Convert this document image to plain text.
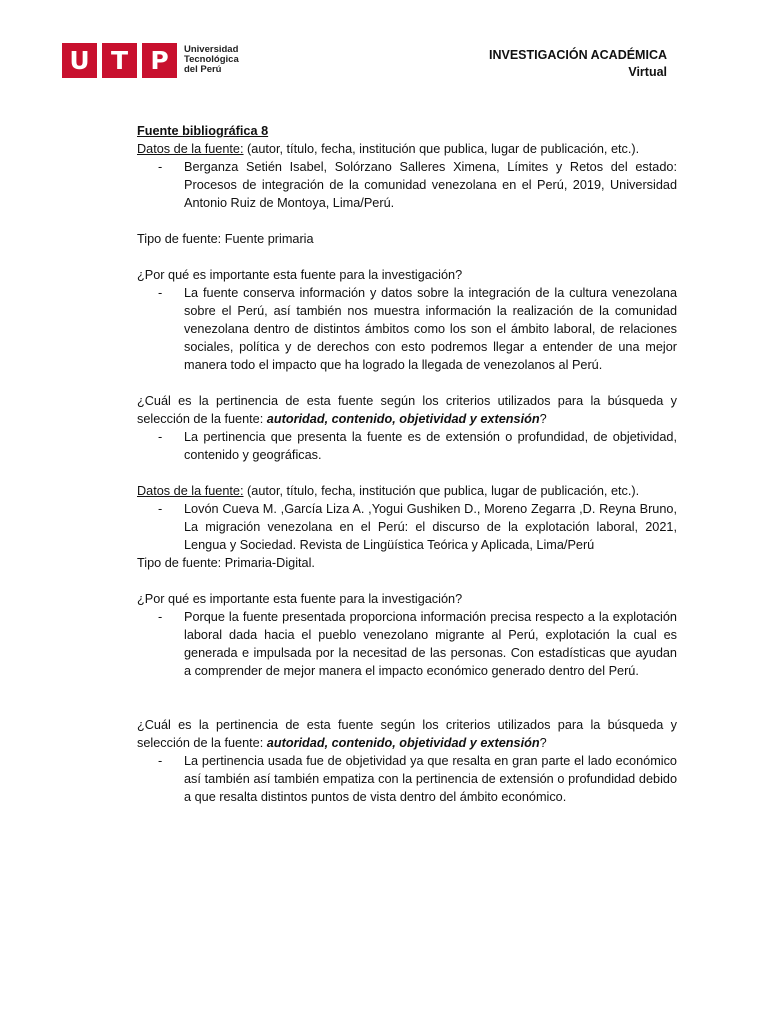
U T P	Universidad
Tecnológica
del Perú
INVESTIGACIÓN ACADÉMICA
Virtual

Fuente bibliográfica 8

Datos de la fuente: (autor, título, fecha, institución que publica, lugar de publicación, etc.).

-	Berganza Setién Isabel, Solórzano Salleres Ximena, Límites y Retos del estado: Procesos de integración de la comunidad venezolana en el Perú, 2019, Universidad Antonio Ruiz de Montoya, Lima/Perú.

Tipo de fuente: Fuente primaria

¿Por qué es importante esta fuente para la investigación?

-	La fuente conserva información y datos sobre la integración de la cultura venezolana sobre el Perú, así también nos muestra información la realización de la comunidad venezolana dentro de distintos ámbitos como los son el ámbito laboral, de relaciones sociales, política y de derechos con esto podremos llegar a entender de una mejor manera todo el impacto que ha logrado la llegada de venezolanos al Perú.

¿Cuál es la pertinencia de esta fuente según los criterios utilizados para la búsqueda y selección de la fuente: autoridad, contenido, objetividad y extensión?

-	La pertinencia que presenta la fuente es de extensión o profundidad, de objetividad, contenido y geográficas.

Datos de la fuente: (autor, título, fecha, institución que publica, lugar de publicación, etc.).

-	Lovón Cueva M. ,García Liza A. ,Yogui Gushiken D., Moreno Zegarra ,D. Reyna Bruno, La migración venezolana en el Perú: el discurso de la explotación laboral, 2021, Lengua y Sociedad. Revista de Lingüística Teórica y Aplicada, Lima/Perú

Tipo de fuente: Primaria-Digital.

¿Por qué es importante esta fuente para la investigación?

-	Porque la fuente presentada proporciona información precisa respecto a la explotación laboral dada hacia el pueblo venezolano migrante al Perú, explotación la cual es generada e impulsada por la necesitad de las personas. Con estadísticas que ayudan a comprender de mejor manera el impacto económico generado dentro del Perú.

¿Cuál es la pertinencia de esta fuente según los criterios utilizados para la búsqueda y selección de la fuente: autoridad, contenido, objetividad y extensión?

-	La pertinencia usada fue de objetividad ya que resalta en gran parte el lado económico así también así también empatiza con la pertinencia de extensión o profundidad debido a que resalta distintos puntos de vista dentro del ámbito económico.
